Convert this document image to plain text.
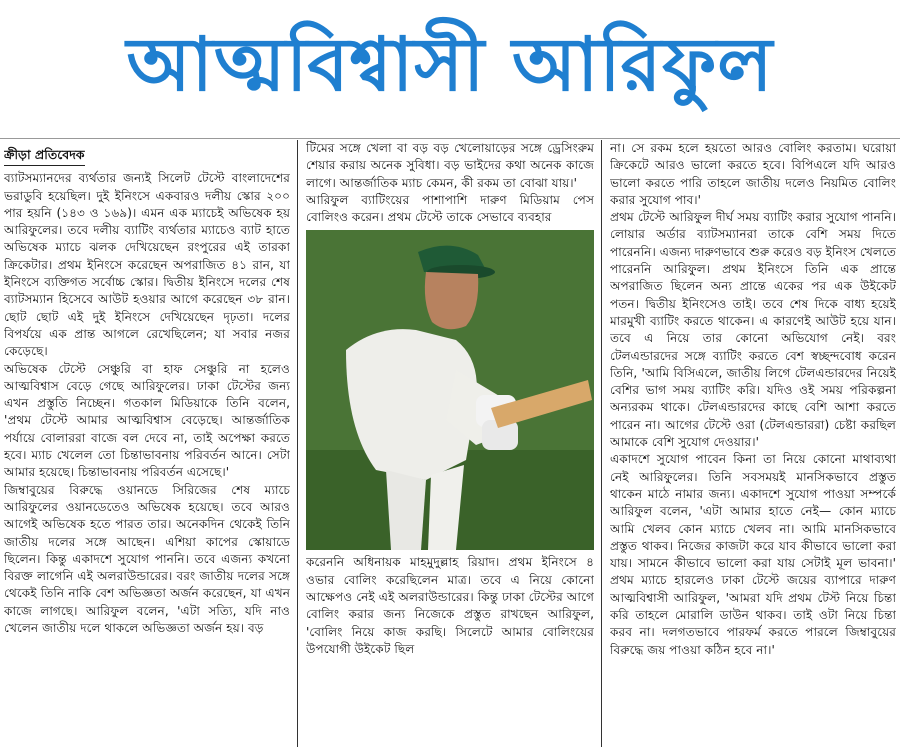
আত্মবিশ্বাসী আরিফুল
ক্রীড়া প্রতিবেদক

ব্যাটসম্যানদের ব্যর্থতার জন্যই সিলেট টেস্টে বাংলাদেশের ভরাডুবি হয়েছিল। দুই ইনিংসে একবারও দলীয় স্কোর ২০০ পার হয়নি (১৪৩ ও ১৬৯)। এমন এক ম্যাচেই অভিষেক হয় আরিফুলের। তবে দলীয় ব্যাটিং ব্যর্থতার ম্যাচেও ব্যাট হাতে অভিষেক ম্যাচে ঝলক দেখিয়েছেন রংপুরের এই তারকা ক্রিকেটার। প্রথম ইনিংসে করেছেন অপরাজিত ৪১ রান, যা ইনিংসে ব্যক্তিগত সর্বোচ্চ স্কোর। দ্বিতীয় ইনিংসে দলের শেষ ব্যাটসম্যান হিসেবে আউট হওয়ার আগে করেছেন ৩৮ রান। ছোট ছোট এই দুই ইনিংসে দেখিয়েছেন দৃঢ়তা। দলের বিপর্যয়ে এক প্রান্ত আগলে রেখেছিলেন; যা সবার নজর কেড়েছে।

অভিষেক টেস্টে সেঞ্চুরি বা হাফ সেঞ্চুরি না হলেও আত্মবিশ্বাস বেড়ে গেছে আরিফুলের। ঢাকা টেস্টের জন্য এখন প্রস্তুতি নিচ্ছেন। গতকাল মিডিয়াকে তিনি বলেন, 'প্রথম টেস্টে আমার আত্মবিশ্বাস বেড়েছে। আন্তর্জাতিক পর্যায়ে বোলাররা বাজে বল দেবে না, তাই অপেক্ষা করতে হবে। ম্যাচ খেলেল তো চিন্তাভাবনায় পরিবর্তন আনে। সেটা আমার হয়েছে। চিন্তাভাবনায় পরিবর্তন এসেছে।'

জিম্বাবুয়ের বিরুদ্ধে ওয়ানডে সিরিজের শেষ ম্যাচে আরিফুলের ওয়ানডেতেও অভিষেক হয়েছে। তবে আরও আগেই অভিষেক হতে পারত তার। অনেকদিন থেকেই তিনি জাতীয় দলের সঙ্গে আছেন। এশিয়া কাপের স্কোয়াডে ছিলেন। কিন্তু একাদশে সুযোগ পাননি। তবে এজন্য কখনো বিরক্ত লাগেনি এই অলরাউন্ডারের। বরং জাতীয় দলের সঙ্গে থেকেই তিনি নাকি বেশ অভিজ্ঞতা অর্জন করেছেন, যা এখন কাজে লাগছে। আরিফুল বলেন, 'এটা সত্যি, যদি নাও খেলেন জাতীয় দলে থাকলে অভিজ্ঞতা অর্জন হয়। বড়

টিমের সঙ্গে খেলা বা বড় বড় খেলোয়াড়ের সঙ্গে ড্রেসিংরুম শেয়ার করায় অনেক সুবিধা। বড় ভাইদের কথা অনেক কাজে লাগে। আন্তর্জাতিক ম্যাচ কেমন, কী রকম তা বোঝা যায়।'

আরিফুল ব্যাটিংয়ের পাশাপাশি দারুণ মিডিয়াম পেস বোলিংও করেন। প্রথম টেস্টে তাকে সেভাবে ব্যবহার

করেননি অধিনায়ক মাহমুদুল্লাহ রিয়াদ। প্রথম ইনিংসে ৪ ওভার বোলিং করেছিলেন মাত্র। তবে এ নিয়ে কোনো আক্ষেপও নেই এই অলরাউন্ডারের। কিন্তু ঢাকা টেস্টের আগে বোলিং করার জন্য নিজেকে প্রস্তুত রাখছেন আরিফুল, 'বোলিং নিয়ে কাজ করছি। সিলেটে আমার বোলিংয়ের উপযোগী উইকেট ছিল

না। সে রকম হলে হয়তো আরও বোলিং করতাম। ঘরোয়া ক্রিকেটে আরও ভালো করতে হবে। বিপিএলে যদি আরও ভালো করতে পারি তাহলে জাতীয় দলেও নিয়মিত বোলিং করার সুযোগ পাব।'

প্রথম টেস্টে আরিফুল দীর্ঘ সময় ব্যাটিং করার সুযোগ পাননি। লোয়ার অর্ডার ব্যাটসম্যানরা তাকে বেশি সময় দিতে পারেননি। এজন্য দারুণভাবে শুরু করেও বড় ইনিংস খেলতে পারেননি আরিফুল। প্রথম ইনিংসে তিনি এক প্রান্তে অপরাজিত ছিলেন অন্য প্রান্তে একের পর এক উইকেট পতন। দ্বিতীয় ইনিংসেও তাই। তবে শেষ দিকে বাধ্য হয়েই মারমুখী ব্যাটিং করতে থাকেন। এ কারণেই আউট হয়ে যান। তবে এ নিয়ে তার কোনো অভিযোগ নেই। বরং টেলএন্ডারদের সঙ্গে ব্যাটিং করতে বেশ স্বচ্ছন্দবোধ করেন তিনি, 'আমি বিসিএলে, জাতীয় লিগে টেলএন্ডারদের নিয়েই বেশির ভাগ সময় ব্যাটিং করি। যদিও ওই সময় পরিকল্পনা অন্যরকম থাকে। টেলএন্ডারদের কাছে বেশি আশা করতে পারেন না। আগের টেস্টে ওরা (টেলএন্ডাররা) চেষ্টা করছিল আমাকে বেশি সুযোগ দেওয়ার।'

একাদশে সুযোগ পাবেন কিনা তা নিয়ে কোনো মাথাব্যথা নেই আরিফুলের। তিনি সবসময়ই মানসিকভাবে প্রস্তুত থাকেন মাঠে নামার জন্য। একাদশে সুযোগ পাওয়া সম্পর্কে আরিফুল বলেন, 'এটা আমার হাতে নেই— কোন ম্যাচে আমি খেলব কোন ম্যাচে খেলব না। আমি মানসিকভাবে প্রস্তুত থাকব। নিজের কাজটা করে যাব কীভাবে ভালো করা যায়। সামনে কীভাবে ভালো করা যায় সেটাই মূল ভাবনা।' প্রথম ম্যাচে হারলেও ঢাকা টেস্টে জয়ের ব্যাপারে দারুণ আত্মবিশ্বাসী আরিফুল, 'আমরা যদি প্রথম টেস্ট নিয়ে চিন্তা করি তাহলে মোরালি ডাউন থাকব। তাই ওটা নিয়ে চিন্তা করব না। দলগতভাবে পারফর্ম করতে পারলে জিম্বাবুয়ের বিরুদ্ধে জয় পাওয়া কঠিন হবে না।'
